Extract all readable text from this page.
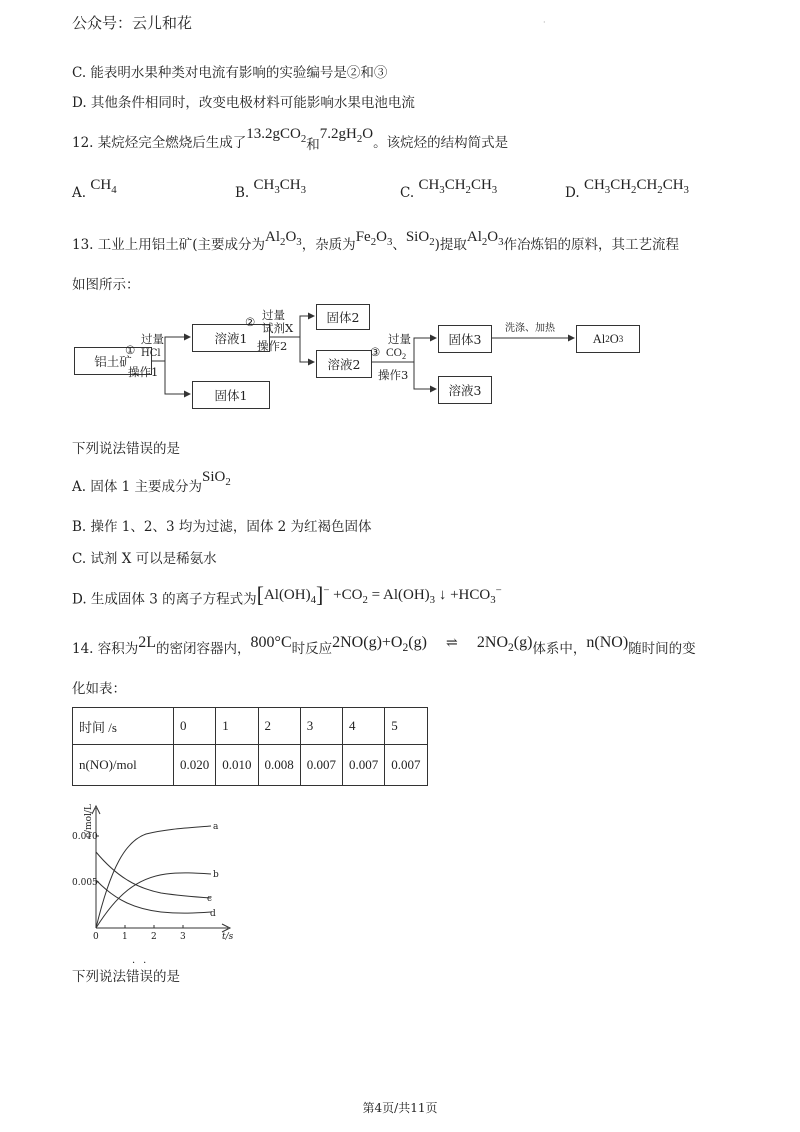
公众号：云儿和花	·
C. 能表明水果种类对电流有影响的实验编号是②和③
D. 其他条件相同时，改变电极材料可能影响水果电池电流
12. 某烷烃完全燃烧后生成了13.2gCO$_2$和$7.2gH_2O$。该烷烃的结构简式是
A. $CH_4$	B. $CH_3CH_3$	C. $CH_3CH_2CH_3$	D. $CH_3CH_2CH_2CH_3$
13. 工业上用铝土矿(主要成分为$Al_2O_3$，杂质为$Fe_2O_3$、SiO$_2$)提取$Al_2O_3$作冶炼铝的原料，其工艺流程
如图所示：
铝土矿
溶液1
固体1
固体2
溶液2
固体3
溶液3
Al 2 O 3
过量
① HCl
操作1
② 过量
试剂X
操作2	过量
③ $CO_2$
操作3
洗涤、加热
下列说法错误的是
A. 固体 1 主要成分为SiO$_2$
B. 操作 1、2、3 均为过滤，固体 2 为红褐色固体
C. 试剂 X 可以是稀氨水
D. 生成固体 3 的离子方程式为$[Al(OH)_4]^- +CO_2 = Al(OH)_3$ ↓ $+HCO_3^-$
14. 容积为2L的密闭容器内，800°C时反应$2NO(g)+O_2(g)$ ⇌ $2NO_2(g)$体系中，n(NO)随时间的变
化如表：
时间 /s	0	1	2	3	4	5
n(NO)/mol	0.020	0.010	0.008	0.007	0.007	0.007
c/mol/L
0.010
0.005
0	1	2	3	t/s
a
b
c
d
下列说法错误的是
··
第4页/共11页
